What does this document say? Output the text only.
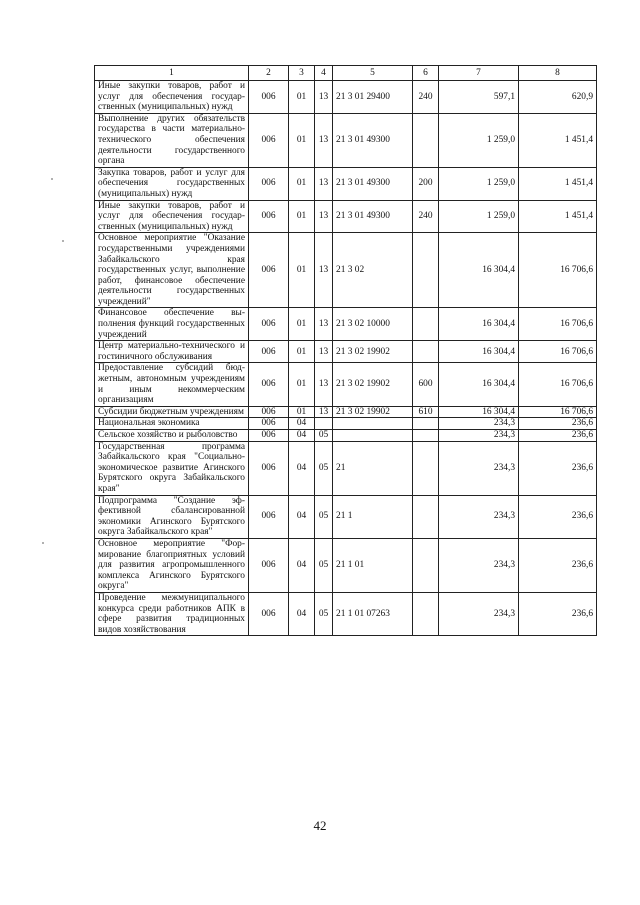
1	2	3	4	5	6	7	8
Иные закупки товаров, работ и услуг для обеспечения государственных (муниципальных) нужд	006	01	13	21 3 01 29400	240	597,1	620,9
Выполнение других обязательств государства в части материально-технического обеспечения деятельности государственного органа	006	01	13	21 3 01 49300		1 259,0	1 451,4
Закупка товаров, работ и услуг для обеспечения государственных (муниципальных) нужд	006	01	13	21 3 01 49300	200	1 259,0	1 451,4
Иные закупки товаров, работ и услуг для обеспечения государственных (муниципальных) нужд	006	01	13	21 3 01 49300	240	1 259,0	1 451,4
Основное мероприятие "Оказание государственными учреждениями Забайкальского края государственных услуг, выполнение работ, финансовое обеспечение деятельности государственных учреждений"	006	01	13	21 3 02		16 304,4	16 706,6
Финансовое обеспечение выполнения функций государственных учреждений	006	01	13	21 3 02 10000		16 304,4	16 706,6
Центр материально-технического и гостиничного обслуживания	006	01	13	21 3 02 19902		16 304,4	16 706,6
Предоставление субсидий бюджетным, автономным учреждениям и иным некоммерческим организациям	006	01	13	21 3 02 19902	600	16 304,4	16 706,6
Субсидии бюджетным учреждениям	006	01	13	21 3 02 19902	610	16 304,4	16 706,6
Национальная экономика	006	04				234,3	236,6
Сельское хозяйство и рыболовство	006	04	05			234,3	236,6
Государственная программа Забайкальского края "Социально-экономическое развитие Агинского Бурятского округа Забайкальского края"	006	04	05	21		234,3	236,6
Подпрограмма "Создание эффективной сбалансированной экономики Агинского Бурятского округа Забайкальского края"	006	04	05	21 1		234,3	236,6
Основное мероприятие "Формирование благоприятных условий для развития агропромышленного комплекса Агинского Бурятского округа"	006	04	05	21 1 01		234,3	236,6
Проведение межмуниципального конкурса среди работников АПК в сфере развития традиционных видов хозяйствования	006	04	05	21 1 01 07263		234,3	236,6
42
